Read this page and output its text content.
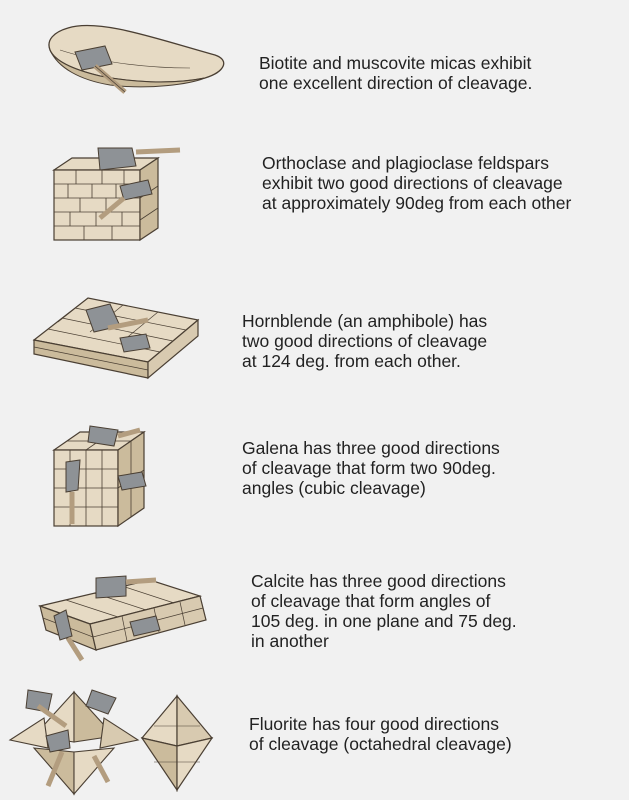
Biotite and muscovite micas exhibit
one excellent direction of cleavage.
Orthoclase and plagioclase feldspars
exhibit two good directions of cleavage
at approximately 90deg from each other
Hornblende (an amphibole) has
two good directions of cleavage
at 124 deg. from each other.
Galena has three good directions
of cleavage that form two 90deg.
angles (cubic cleavage)
Calcite has three good directions
of cleavage that form angles of
105 deg. in one plane and 75 deg.
in another
Fluorite has four good directions
of cleavage (octahedral cleavage)
